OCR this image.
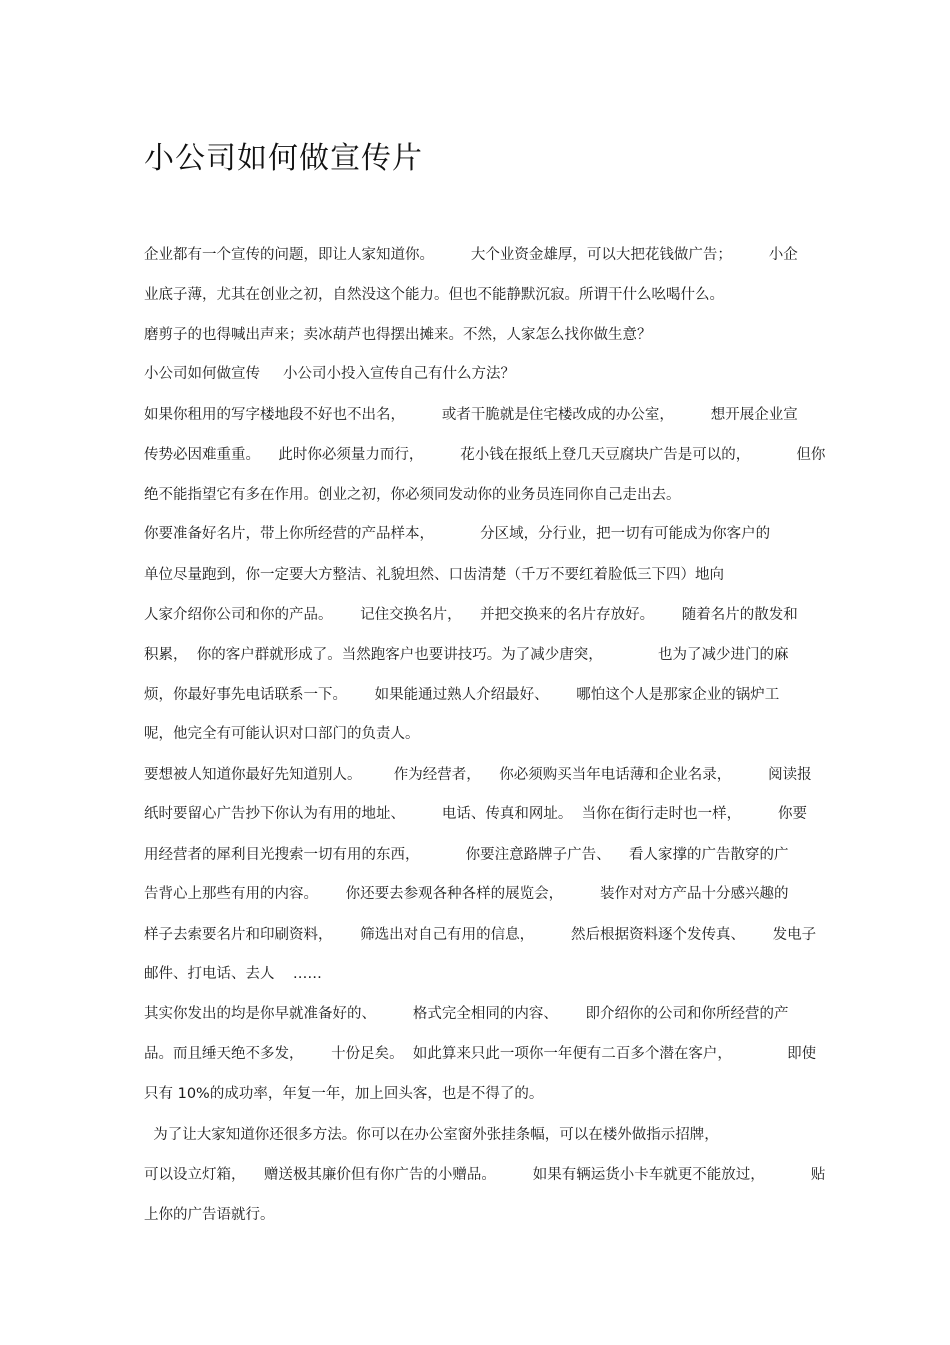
小公司如何做宣传片

企业都有一个宣传的问题，即让人家知道你。        大个业资金雄厚，可以大把花钱做广告；        小企

业底子薄，尤其在创业之初，自然没这个能力。但也不能静默沉寂。所谓干什么吆喝什么。

磨剪子的也得喊出声来；卖冰葫芦也得摆出摊来。不然，人家怎么找你做生意？

小公司如何做宣传     小公司小投入宣传自己有什么方法？

如果你租用的写字楼地段不好也不出名，        或者干脆就是住宅楼改成的办公室，        想开展企业宣

传势必因难重重。    此时你必须量力而行，        花小钱在报纸上登几天豆腐块广告是可以的，          但你

绝不能指望它有多在作用。创业之初，你必须同发动你的业务员连同你自己走出去。

你要准备好名片，带上你所经营的产品样本，          分区域，分行业，把一切有可能成为你客户的

单位尽量跑到，你一定要大方整洁、礼貌坦然、口齿清楚（千万不要红着脸低三下四）地向

人家介绍你公司和你的产品。      记住交换名片，    并把交换来的名片存放好。      随着名片的散发和

积累，  你的客户群就形成了。当然跑客户也要讲技巧。为了减少唐突，            也为了减少进门的麻

烦，你最好事先电话联系一下。      如果能通过熟人介绍最好、      哪怕这个人是那家企业的锅炉工

呢，他完全有可能认识对口部门的负责人。

要想被人知道你最好先知道别人。       作为经营者，    你必须购买当年电话薄和企业名录，        阅读报

纸时要留心广告抄下你认为有用的地址、        电话、传真和网址。  当你在街行走时也一样，        你要

用经营者的犀利目光搜索一切有用的东西，          你要注意路牌子广告、    看人家撑的广告散穿的广

告背心上那些有用的内容。      你还要去参观各种各样的展览会，        装作对对方产品十分感兴趣的

样子去索要名片和印刷资料，      筛选出对自己有用的信息，        然后根据资料逐个发传真、      发电子

邮件、打电话、去人    ……

其实你发出的均是你早就准备好的、        格式完全相同的内容、      即介绍你的公司和你所经营的产

品。而且缍天绝不多发，      十份足矣。  如此算来只此一项你一年便有二百多个潜在客户，            即使

只有 10%的成功率，年复一年，加上回头客，也是不得了的。

为了让大家知道你还很多方法。你可以在办公室窗外张挂条幅，可以在楼外做指示招牌，

可以设立灯箱，    赠送极其廉价但有你广告的小赠品。        如果有辆运货小卡车就更不能放过，          贴

上你的广告语就行。
